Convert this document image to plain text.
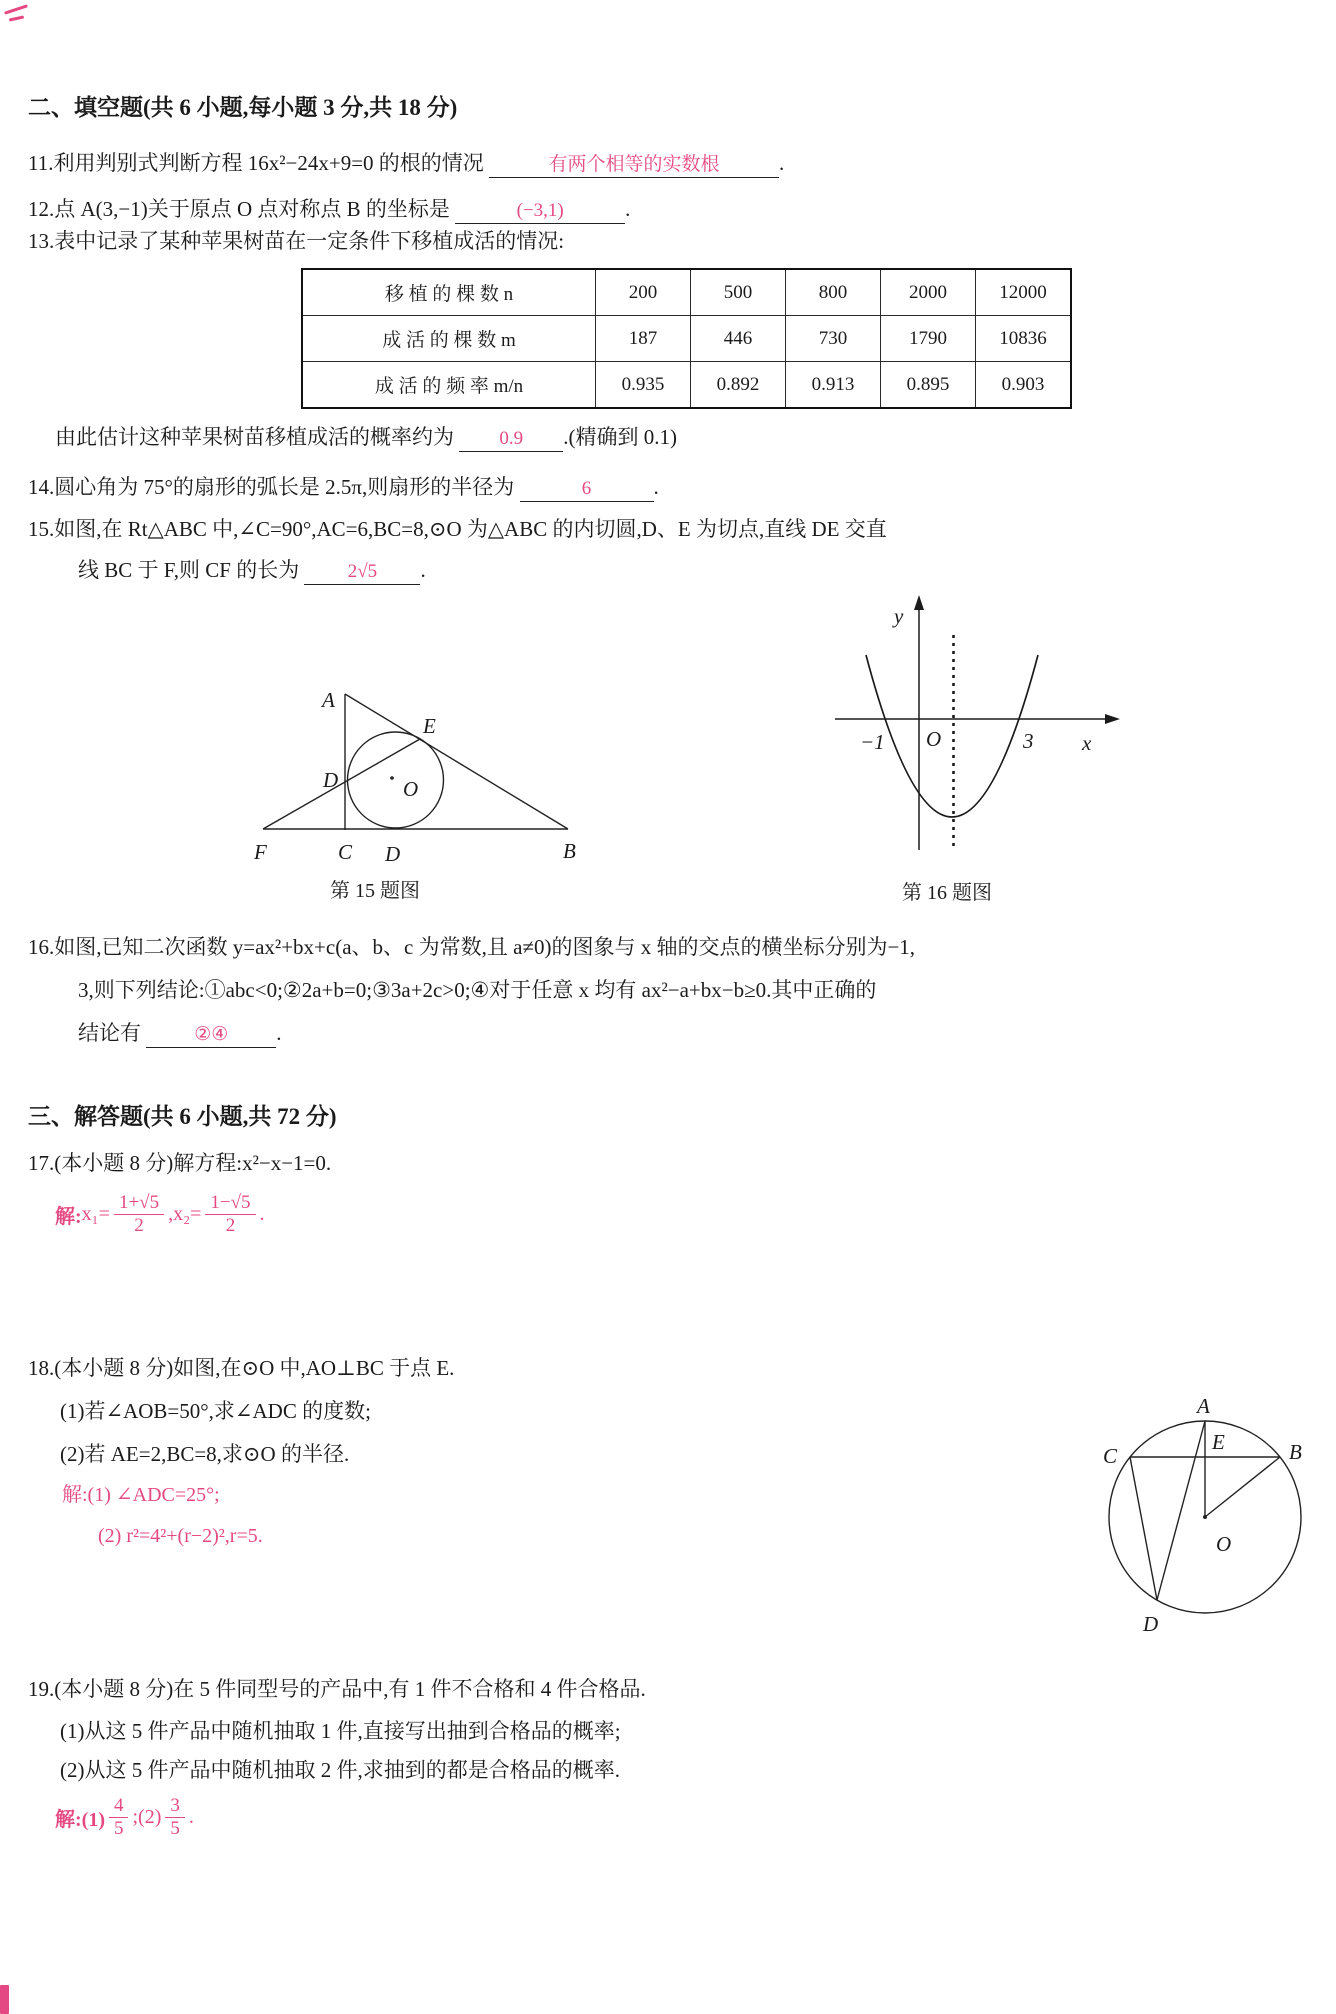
二、填空题(共 6 小题,每小题 3 分,共 18 分)
11.利用判别式判断方程 16x²−24x+9=0 的根的情况	有两个相等的实数根	.
12.点 A(3,−1)关于原点 O 点对称点 B 的坐标是	(−3,1)	.
13.表中记录了某种苹果树苗在一定条件下移植成活的情况:
移 植 的 棵 数 n	200	500	800	2000	12000
成 活 的 棵 数 m	187	446	730	1790	10836
成 活 的 频 率 m/n	0.935	0.892	0.913	0.895	0.903
由此估计这种苹果树苗移植成活的概率约为 0.9 .(精确到 0.1)
14.圆心角为 75°的扇形的弧长是 2.5π,则扇形的半径为	6	.
15.如图,在 Rt△ABC 中,∠C=90°,AC=6,BC=8,⊙O 为△ABC 的内切圆,D、E 为切点,直线 DE 交直
线 BC 于 F,则 CF 的长为	2√5 .
A
E
D	O
F	C D	B
第 15 题图
y
x
O
−1	3
第 16 题图
16.如图,已知二次函数 y=ax²+bx+c(a、b、c 为常数,且 a≠0)的图象与 x 轴的交点的横坐标分别为−1,
3,则下列结论:①abc<0;②2a+b=0;③3a+2c>0;④对于任意 x 均有 ax²−a+bx−b≥0.其中正确的
结论有	②④ .
三、解答题(共 6 小题,共 72 分)
17.(本小题 8 分)解方程:x²−x−1=0.
解: $x_1= \frac{1+√5}{2}$ , $x_2= \frac{1-√5}{2}$ .
18.(本小题 8 分)如图,在⊙O 中,AO⊥BC 于点 E.
(1)若∠AOB=50°,求∠ADC 的度数;
(2)若 AE=2,BC=8,求⊙O 的半径.
解:(1) ∠ADC=25°;
(2) r²=4²+(r−2)²,r=5.
A
E
C	B
O
D
19.(本小题 8 分)在 5 件同型号的产品中,有 1 件不合格和 4 件合格品.
(1)从这 5 件产品中随机抽取 1 件,直接写出抽到合格品的概率;
(2)从这 5 件产品中随机抽取 2 件,求抽到的都是合格品的概率.
解:(1) $\frac{4}{5}$ ;(2) $\frac{3}{5}$ .
